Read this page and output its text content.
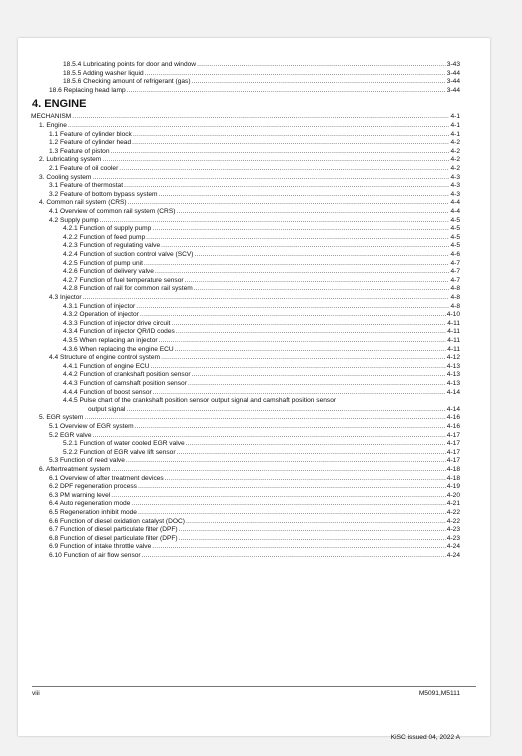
18.5.4 Lubricating points for door and window .....	3-43
18.5.5 Adding washer liquid .....	3-44
18.5.6 Checking amount of refrigerant (gas) .....	3-44
18.6 Replacing head lamp .....	3-44
4. ENGINE
MECHANISM .....	4-1
1. Engine .....	4-1
1.1 Feature of cylinder block .....	4-1
1.2 Feature of cylinder head .....	4-2
1.3 Feature of piston .....	4-2
2. Lubricating system .....	4-2
2.1 Feature of oil cooler .....	4-2
3. Cooling system .....	4-3
3.1 Feature of thermostat .....	4-3
3.2 Feature of bottom bypass system .....	4-3
4. Common rail system (CRS) .....	4-4
4.1 Overview of common rail system (CRS) .....	4-4
4.2 Supply pump .....	4-5
4.2.1 Function of supply pump .....	4-5
4.2.2 Function of feed pump .....	4-5
4.2.3 Function of regulating valve .....	4-5
4.2.4 Function of suction control valve (SCV) .....	4-6
4.2.5 Function of pump unit .....	4-7
4.2.6 Function of delivery valve .....	4-7
4.2.7 Function of fuel temperature sensor .....	4-7
4.2.8 Function of rail for common rail system .....	4-8
4.3 Injector .....	4-8
4.3.1 Function of injector .....	4-8
4.3.2 Operation of injector .....	4-10
4.3.3 Function of injector drive circuit .....	4-11
4.3.4 Function of injector QR/ID codes .....	4-11
4.3.5 When replacing an injector .....	4-11
4.3.6 When replacing the engine ECU .....	4-11
4.4 Structure of engine control system .....	4-12
4.4.1 Function of engine ECU .....	4-13
4.4.2 Function of crankshaft position sensor .....	4-13
4.4.3 Function of camshaft position sensor .....	4-13
4.4.4 Function of boost sensor .....	4-14
4.4.5 Pulse chart of the crankshaft position sensor output signal and camshaft position sensor
output signal .....	4-14
5. EGR system .....	4-16
5.1 Overview of EGR system .....	4-16
5.2 EGR valve .....	4-17
5.2.1 Function of water cooled EGR valve .....	4-17
5.2.2 Function of EGR valve lift sensor .....	4-17
5.3 Function of reed valve .....	4-17
6. Aftertreatment system .....	4-18
6.1 Overview of after treatment devices .....	4-18
6.2 DPF regeneration process .....	4-19
6.3 PM warning level .....	4-20
6.4 Auto regeneration mode .....	4-21
6.5 Regeneration inhibit mode .....	4-22
6.6 Function of diesel oxidation catalyst (DOC) .....	4-22
6.7 Function of diesel particulate filter (DPF) .....	4-23
6.8 Function of diesel particulate filter (DPF) .....	4-23
6.9 Function of intake throttle valve .....	4-24
6.10 Function of air flow sensor .....	4-24
viii	M5091,M5111
KiSC issued 04, 2022 A
